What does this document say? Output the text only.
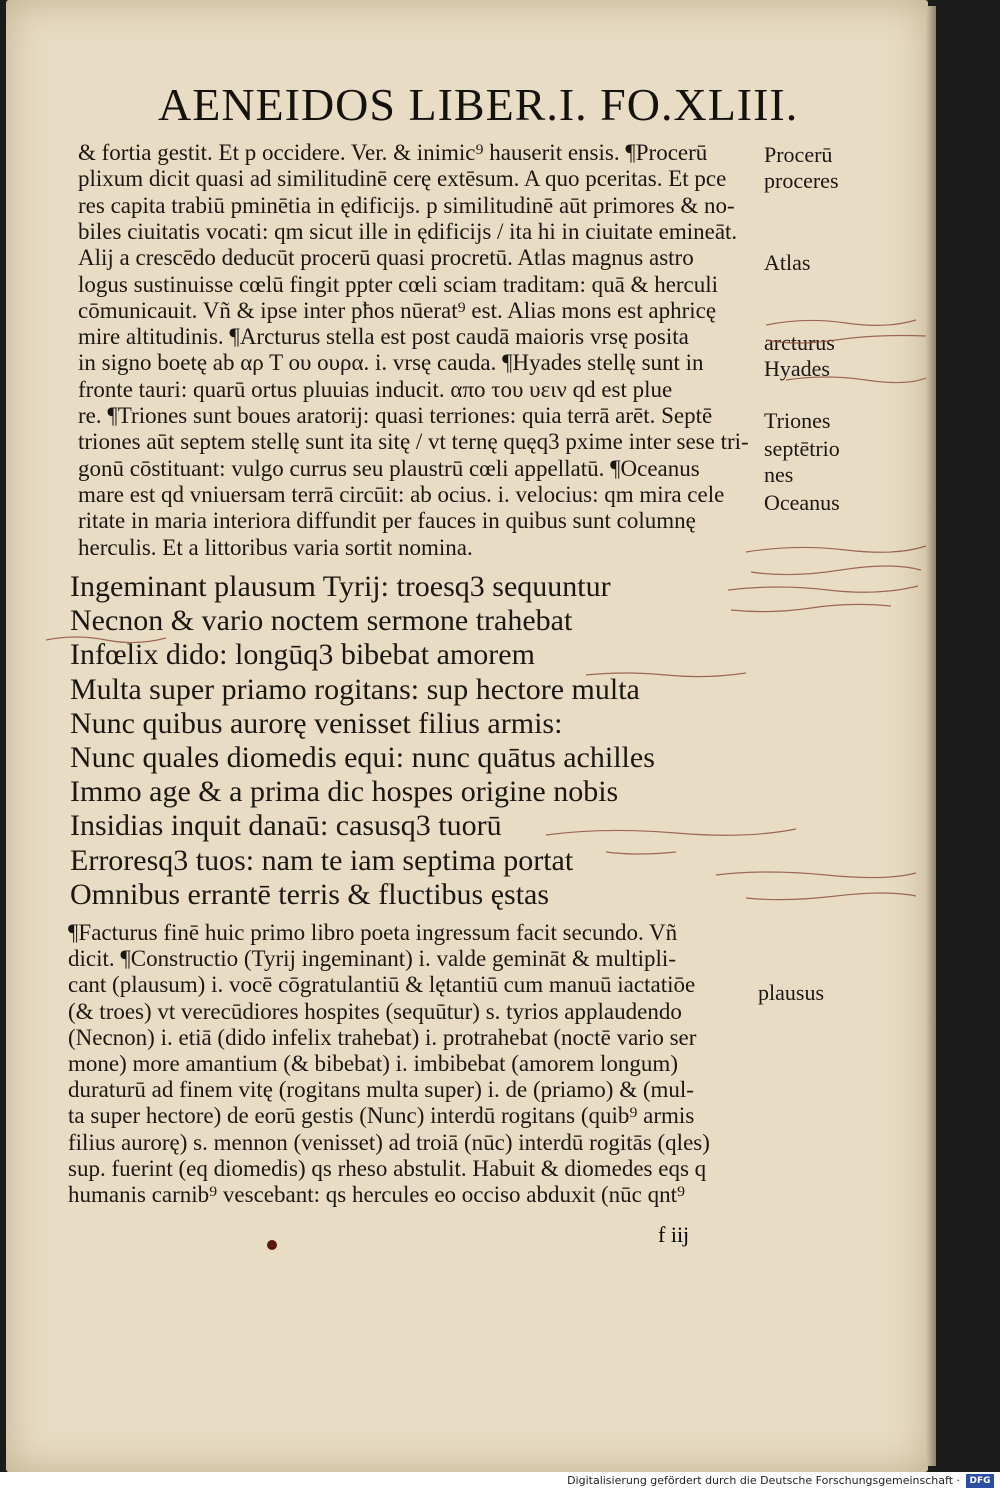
AENEIDOS LIBER.I. FO.XLIII.
& fortia gestit. Et p occidere. Ver. & inimic⁹ hauserit ensis. ¶Procerū
plixum dicit quasi ad similitudinē cerę extēsum. A quo pceritas. Et pce
res capita trabiū pminētia in ędificijs. p similitudinē aūt primores & no-
biles ciuitatis vocati: qm sicut ille in ędificijs / ita hi in ciuitate emineāt.
Alij a crescēdo deducūt procerū quasi procretū. Atlas magnus astro
logus sustinuisse cœlū fingit ppter cœli sciam traditam: quā & herculi
cōmunicauit. Vñ & ipse inter pħos nūerat⁹ est. Alias mons est aphricę
mire altitudinis. ¶Arcturus stella est post caudā maioris vrsę posita
in signo boetę ab αρ Τ ου ουρα. i. vrsę cauda. ¶Hyades stellę sunt in
fronte tauri: quarū ortus pluuias inducit. απο του υειν qd est plue
re. ¶Triones sunt boues aratorij: quasi terriones: quia terrā arēt. Septē
triones aūt septem stellę sunt ita sitę / vt ternę quęq3 pxime inter sese tri-
gonū cōstituant: vulgo currus seu plaustrū cœli appellatū. ¶Oceanus
mare est qd vniuersam terrā circūit: ab ocius. i. velocius: qm mira cele
ritate in maria interiora diffundit per fauces in quibus sunt columnę
herculis. Et a littoribus varia sortit nomina.
Procerū
proceres
Atlas
arcturus
Hyades
Triones
septētrio
nes
Oceanus
Ingeminant plausum Tyrij: troesq3 sequuntur
Necnon & vario noctem sermone trahebat
Infœlix dido: longūq3 bibebat amorem
Multa super priamo rogitans: sup hectore multa
Nunc quibus aurorę venisset filius armis:
Nunc quales diomedis equi: nunc quātus achilles
Immo age & a prima dic hospes origine nobis
Insidias inquit danaū: casusq3 tuorū
Erroresq3 tuos: nam te iam septima portat
Omnibus errantē terris & fluctibus ęstas
¶Facturus finē huic primo libro poeta ingressum facit secundo. Vñ
dicit. ¶Constructio (Tyrij ingeminant) i. valde gemināt & multipli-
cant (plausum) i. vocē cōgratulantiū & lętantiū cum manuū iactatiōe
(& troes) vt verecūdiores hospites (sequūtur) s. tyrios applaudendo
(Necnon) i. etiā (dido infelix trahebat) i. protrahebat (noctē vario ser
mone) more amantium (& bibebat) i. imbibebat (amorem longum)
duraturū ad finem vitę (rogitans multa super) i. de (priamo) & (mul-
ta super hectore) de eorū gestis (Nunc) interdū rogitans (quib⁹ armis
filius aurorę) s. mennon (venisset) ad troiā (nūc) interdū rogitās (qles)
sup. fuerint (eq diomedis) qs rheso abstulit. Habuit & diomedes eqs q
humanis carnib⁹ vescebant: qs hercules eo occiso abduxit (nūc qnt⁹
plausus
f iij
Digitalisierung gefördert durch die Deutsche Forschungsgemeinschaft ·	DFG
